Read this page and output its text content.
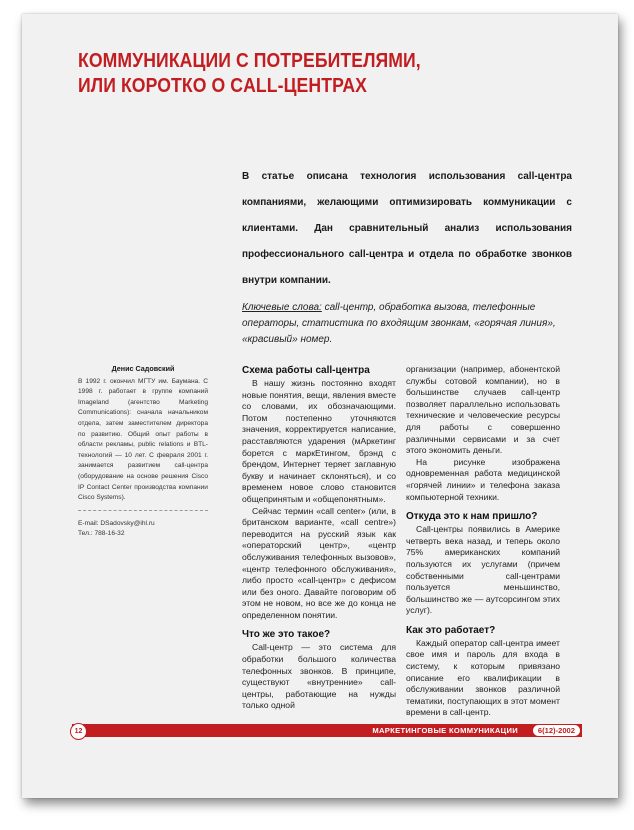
КОММУНИКАЦИИ С ПОТРЕБИТЕЛЯМИ,
ИЛИ КОРОТКО О CALL-ЦЕНТРАХ
В статье описана технология использования call-центра компаниями, желающими оптимизировать коммуникации с клиентами. Дан сравнительный анализ использования профессионального call-центра и отдела по обработке звонков внутри компании.
Ключевые слова: call-центр, обработка вызова, телефонные операторы, статистика по входящим звонкам, «горячая линия», «красивый» номер.
Денис Садовский
В 1992 г. окончил МГТУ им. Баумана. С 1998 г. работает в группе компаний Imageland (агентство Marketing Communications): сначала начальником отдела, затем заместителем директора по развитию. Общий опыт работы в области рекламы, public relations и BTL-технологий — 10 лет. С февраля 2001 г. занимается развитием call-центра (оборудование на основе решения Cisco IP Contact Center производства компании Cisco Systems).
E-mail: DSadovsky@ihl.ru
Тел.: 788-16-32
Схема работы call-центра

В нашу жизнь постоянно входят новые понятия, вещи, явления вместе со словами, их обозначающими. Потом постепенно уточняются значения, корректируется написание, расставляются ударения (мАркетинг борется с маркЕтингом, брэнд с брендом, Интернет теряет заглавную букву и начинает склоняться), и со временем новое слово становится общепринятым и «общепонятным».

Сейчас термин «call center» (или, в британском варианте, «call centre») переводится на русский язык как «операторский центр», «центр обслуживания телефонных вызовов», «центр телефонного обслуживания», либо просто «call-центр» с дефисом или без оного. Давайте поговорим об этом не новом, но все же до конца не определенном понятии.

Что же это такое?

Call-центр — это система для обработки большого количества телефонных звонков. В принципе, существуют «внутренние» call-центры, работающие на нужды только одной

организации (например, абонентской службы сотовой компании), но в большинстве случаев call-центр позволяет параллельно использовать технические и человеческие ресурсы для работы с совершенно различными сервисами и за счет этого экономить деньги.

На рисунке изображена одновременная работа медицинской «горячей линии» и телефона заказа компьютерной техники.

Откуда это к нам пришло?

Call-центры появились в Америке четверть века назад, и теперь около 75% американских компаний пользуются их услугами (причем собственными call-центрами пользуется меньшинство, большинство же — аутсорсингом этих услуг).

Как это работает?

Каждый оператор call-центра имеет свое имя и пароль для входа в систему, к которым привязано описание его квалификации в обслуживании звонков различной тематики, поступающих в этот момент времени в call-центр.

12	МАРКЕТИНГОВЫЕ КОММУНИКАЦИИ	6(12)-2002
